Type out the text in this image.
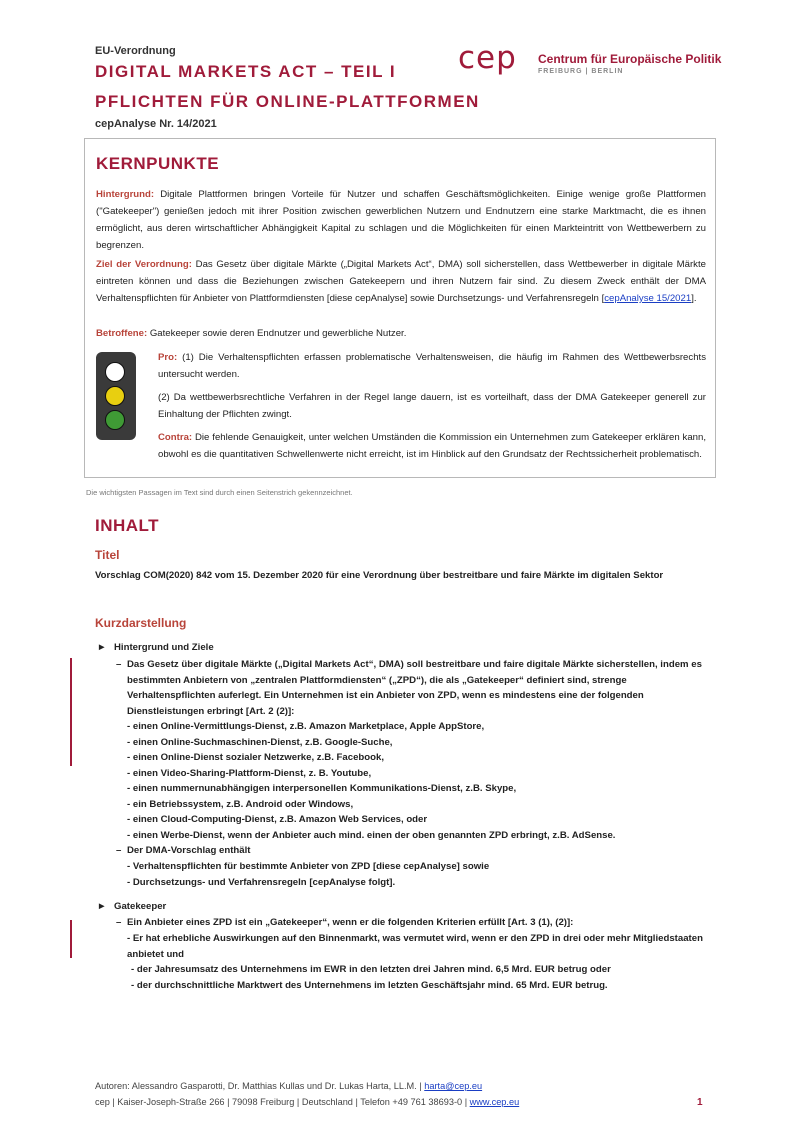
EU-Verordnung
DIGITAL MARKETS ACT – TEIL I
PFLICHTEN FÜR ONLINE-PLATTFORMEN
cepAnalyse Nr. 14/2021
cep Centrum für Europäische Politik
FREIBURG | BERLIN
KERNPUNKTE
Hintergrund: Digitale Plattformen bringen Vorteile für Nutzer und schaffen Geschäftsmöglichkeiten. Einige wenige große Plattformen ("Gatekeeper") genießen jedoch mit ihrer Position zwischen gewerblichen Nutzern und Endnutzern eine starke Marktmacht, die es ihnen ermöglicht, aus deren wirtschaftlicher Abhängigkeit Kapital zu schlagen und die Möglichkeiten für einen Markteintritt von Wettbewerbern zu begrenzen.
Ziel der Verordnung: Das Gesetz über digitale Märkte („Digital Markets Act“, DMA) soll sicherstellen, dass Wettbewerber in digitale Märkte eintreten können und dass die Beziehungen zwischen Gatekeepern und ihren Nutzern fair sind. Zu diesem Zweck enthält der DMA Verhaltenspflichten für Anbieter von Plattformdiensten [diese cepAnalyse] sowie Durchsetzungs- und Verfahrensregeln [cepAnalyse 15/2021].
Betroffene: Gatekeeper sowie deren Endnutzer und gewerbliche Nutzer.
Pro: (1) Die Verhaltenspflichten erfassen problematische Verhaltensweisen, die häufig im Rahmen des Wettbewerbsrechts untersucht werden.
(2) Da wettbewerbsrechtliche Verfahren in der Regel lange dauern, ist es vorteilhaft, dass der DMA Gatekeeper generell zur Einhaltung der Pflichten zwingt.
Contra: Die fehlende Genauigkeit, unter welchen Umständen die Kommission ein Unternehmen zum Gatekeeper erklären kann, obwohl es die quantitativen Schwellenwerte nicht erreicht, ist im Hinblick auf den Grundsatz der Rechtssicherheit problematisch.
Die wichtigsten Passagen im Text sind durch einen Seitenstrich gekennzeichnet.
INHALT
Titel
Vorschlag COM(2020) 842 vom 15. Dezember 2020 für eine Verordnung über bestreitbare und faire Märkte im digitalen Sektor
Kurzdarstellung
► Hintergrund und Ziele
– Das Gesetz über digitale Märkte („Digital Markets Act“, DMA) soll bestreitbare und faire digitale Märkte sicherstellen, indem es bestimmten Anbietern von „zentralen Plattformdiensten“ („ZPD“), die als „Gatekeeper“ definiert sind, strenge Verhaltenspflichten auferlegt. Ein Unternehmen ist ein Anbieter von ZPD, wenn es mindestens eine der folgenden Dienstleistungen erbringt [Art. 2 (2)]:
- einen Online-Vermittlungs-Dienst, z.B. Amazon Marketplace, Apple AppStore,
- einen Online-Suchmaschinen-Dienst, z.B. Google-Suche,
- einen Online-Dienst sozialer Netzwerke, z.B. Facebook,
- einen Video-Sharing-Plattform-Dienst, z. B. Youtube,
- einen nummernunabhängigen interpersonellen Kommunikations-Dienst, z.B. Skype,
- ein Betriebssystem, z.B. Android oder Windows,
- einen Cloud-Computing-Dienst, z.B. Amazon Web Services, oder
- einen Werbe-Dienst, wenn der Anbieter auch mind. einen der oben genannten ZPD erbringt, z.B. AdSense.
– Der DMA-Vorschlag enthält
- Verhaltenspflichten für bestimmte Anbieter von ZPD [diese cepAnalyse] sowie
- Durchsetzungs- und Verfahrensregeln [cepAnalyse folgt].
► Gatekeeper
– Ein Anbieter eines ZPD ist ein „Gatekeeper“, wenn er die folgenden Kriterien erfüllt [Art. 3 (1), (2)]:
- Er hat erhebliche Auswirkungen auf den Binnenmarkt, was vermutet wird, wenn er den ZPD in drei oder mehr Mitgliedstaaten anbietet und
- der Jahresumsatz des Unternehmens im EWR in den letzten drei Jahren mind. 6,5 Mrd. EUR betrug oder
- der durchschnittliche Marktwert des Unternehmens im letzten Geschäftsjahr mind. 65 Mrd. EUR betrug.
Autoren: Alessandro Gasparotti, Dr. Matthias Kullas und Dr. Lukas Harta, LL.M. | harta@cep.eu
cep | Kaiser-Joseph-Straße 266 | 79098 Freiburg | Deutschland | Telefon +49 761 38693-0 | www.cep.eu	1
